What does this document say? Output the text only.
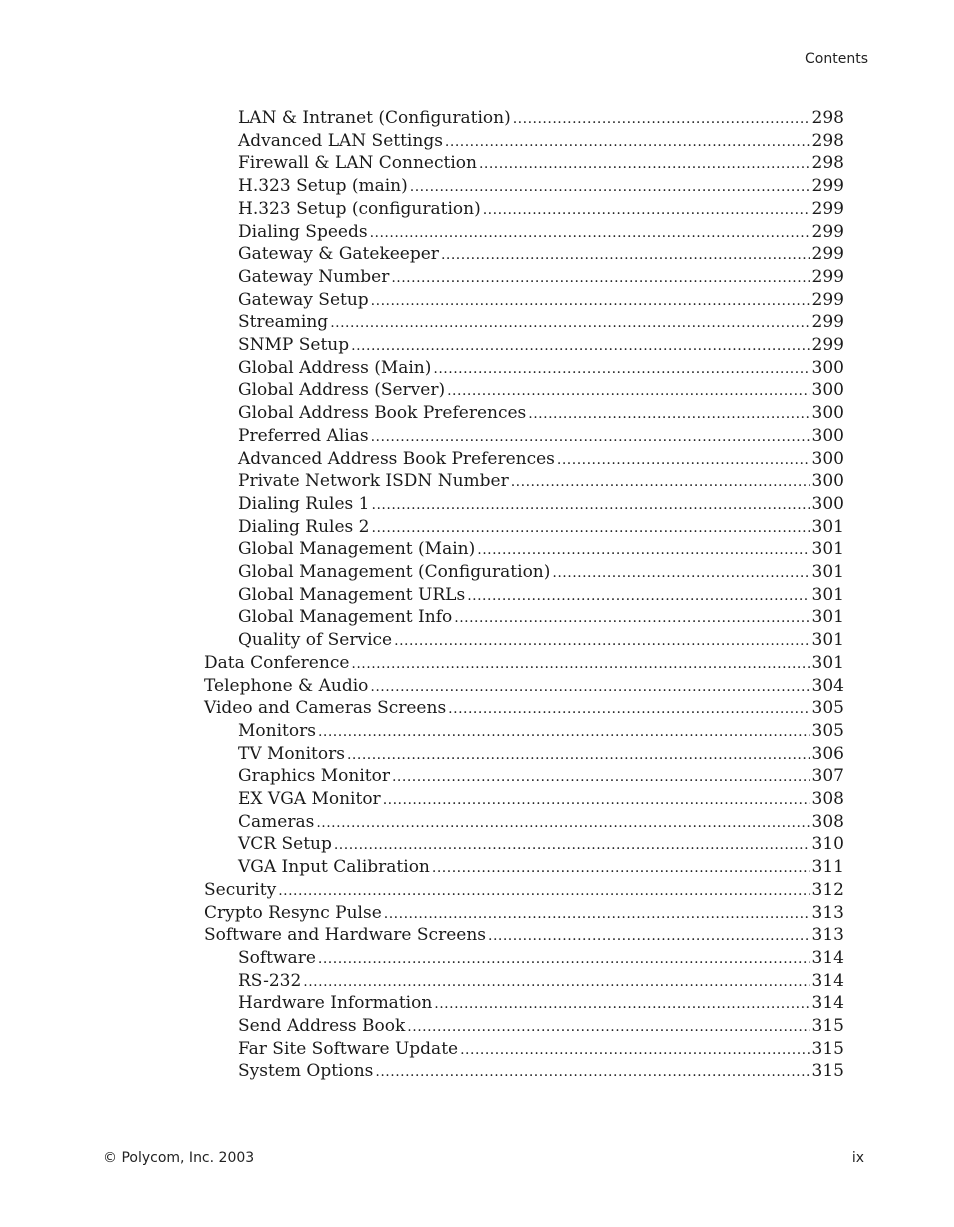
Contents
LAN & Intranet (Configuration) .....	298
Advanced LAN Settings .....	298
Firewall & LAN Connection .....	298
H.323 Setup (main) .....	299
H.323 Setup (configuration) .....	299
Dialing Speeds .....	299
Gateway & Gatekeeper .....	299
Gateway Number .....	299
Gateway Setup .....	299
Streaming .....	299
SNMP Setup .....	299
Global Address (Main) .....	300
Global Address (Server) .....	300
Global Address Book Preferences .....	300
Preferred Alias .....	300
Advanced Address Book Preferences .....	300
Private Network ISDN Number .....	300
Dialing Rules 1 .....	300
Dialing Rules 2 .....	301
Global Management (Main) .....	301
Global Management (Configuration) .....	301
Global Management URLs .....	301
Global Management Info .....	301
Quality of Service .....	301
Data Conference .....	301
Telephone & Audio .....	304
Video and Cameras Screens .....	305
Monitors .....	305
TV Monitors .....	306
Graphics Monitor .....	307
EX VGA Monitor .....	308
Cameras .....	308
VCR Setup .....	310
VGA Input Calibration .....	311
Security .....	312
Crypto Resync Pulse .....	313
Software and Hardware Screens .....	313
Software .....	314
RS-232 .....	314
Hardware Information .....	314
Send Address Book .....	315
Far Site Software Update .....	315
System Options .....	315
© Polycom, Inc. 2003	ix
